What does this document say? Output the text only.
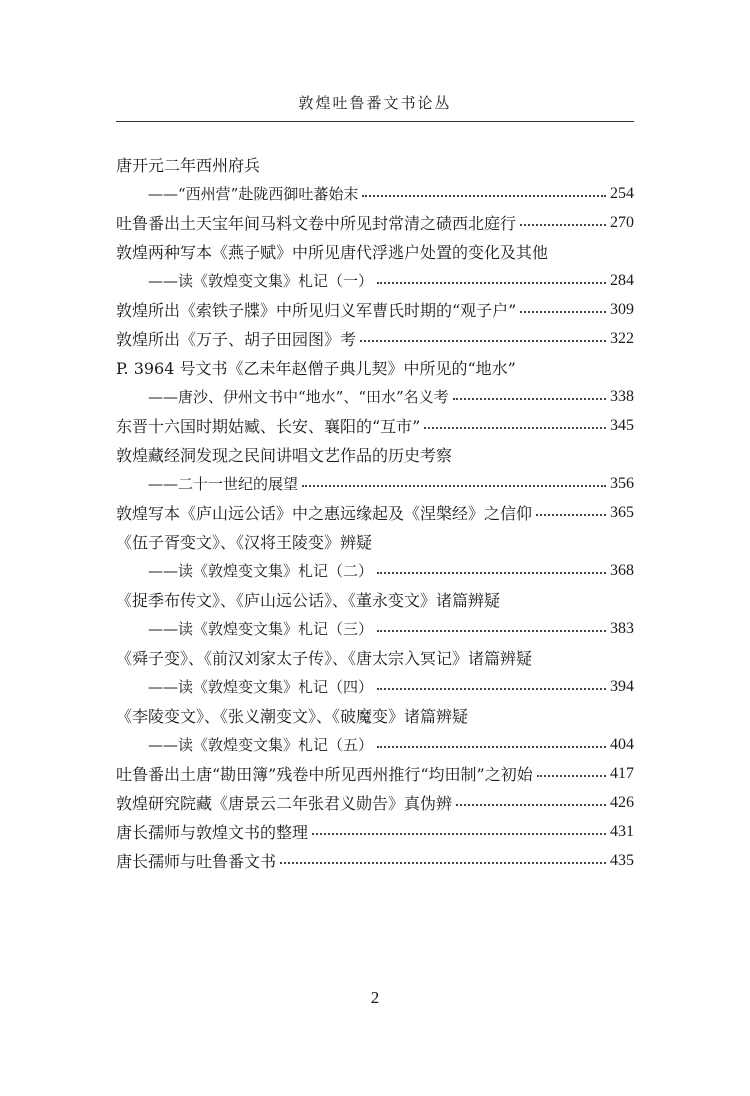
敦煌吐鲁番文书论丛
唐开元二年西州府兵
——“西州营”赴陇西御吐蕃始末	254
吐鲁番出土天宝年间马料文卷中所见封常清之碛西北庭行	270
敦煌两种写本《燕子赋》中所见唐代浮逃户处置的变化及其他
——读《敦煌变文集》札记（一）	284
敦煌所出《索铁子牒》中所见归义军曹氏时期的“观子户”	309
敦煌所出《万子、胡子田园图》考	322
P. 3964 号文书《乙未年赵僧子典儿契》中所见的“地水”
——唐沙、伊州文书中“地水”、“田水”名义考	338
东晋十六国时期姑臧、长安、襄阳的“互市”	345
敦煌藏经洞发现之民间讲唱文艺作品的历史考察
——二十一世纪的展望	356
敦煌写本《庐山远公话》中之惠远缘起及《涅槃经》之信仰	365
《伍子胥变文》、《汉将王陵变》辨疑
——读《敦煌变文集》札记（二）	368
《捉季布传文》、《庐山远公话》、《董永变文》诸篇辨疑
——读《敦煌变文集》札记（三）	383
《舜子变》、《前汉刘家太子传》、《唐太宗入冥记》诸篇辨疑
——读《敦煌变文集》札记（四）	394
《李陵变文》、《张义潮变文》、《破魔变》诸篇辨疑
——读《敦煌变文集》札记（五）	404
吐鲁番出土唐“勘田簿”残卷中所见西州推行“均田制”之初始	417
敦煌研究院藏《唐景云二年张君义勋告》真伪辨	426
唐长孺师与敦煌文书的整理	431
唐长孺师与吐鲁番文书	435
2
